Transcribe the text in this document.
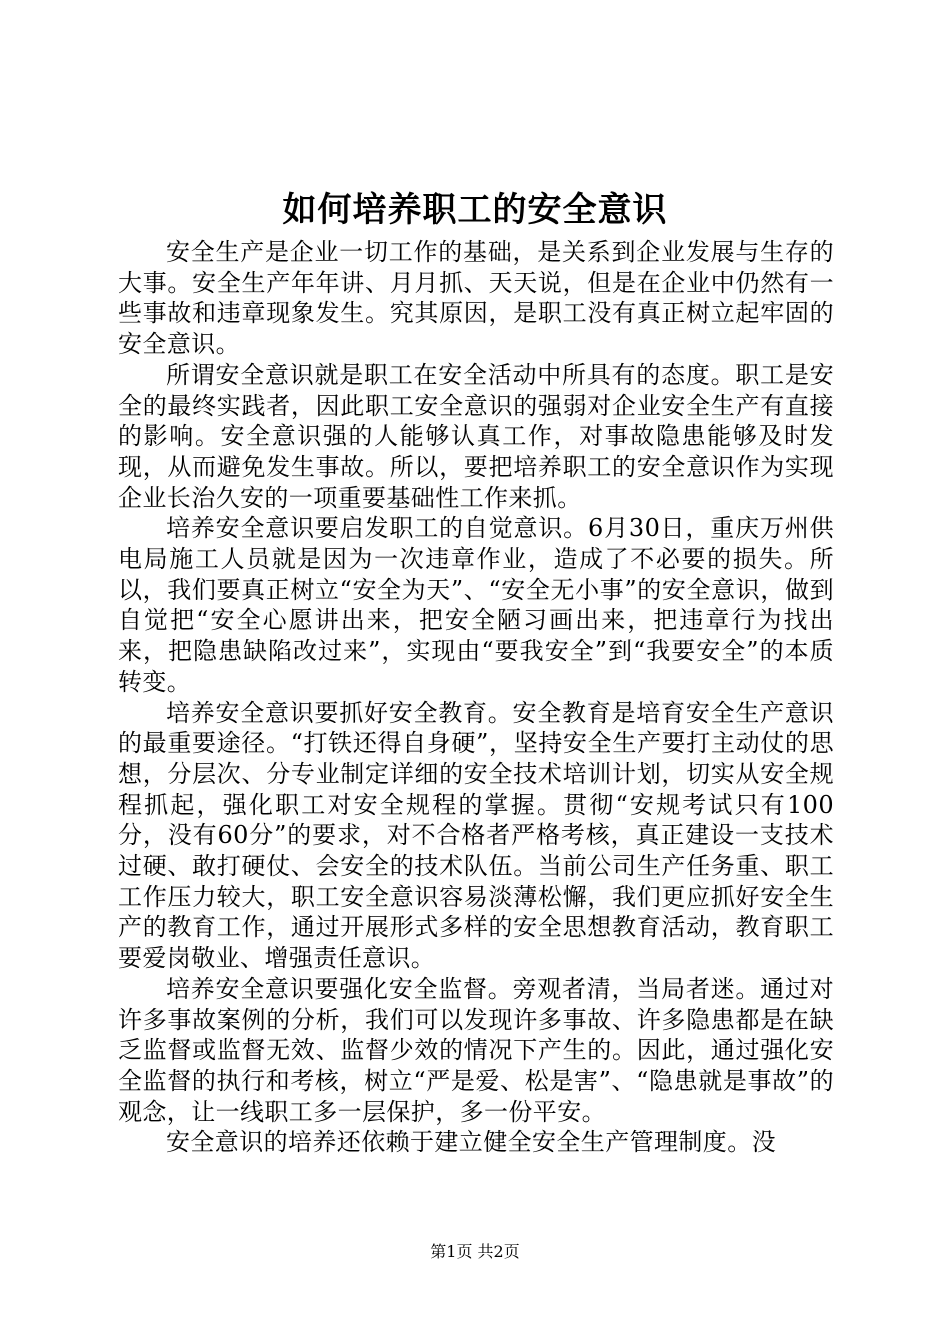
如何培养职工的安全意识

安全生产是企业一切工作的基础，是关系到企业发展与生存的大事。安全生产年年讲、月月抓、天天说，但是在企业中仍然有一些事故和违章现象发生。究其原因，是职工没有真正树立起牢固的安全意识。

所谓安全意识就是职工在安全活动中所具有的态度。职工是安全的最终实践者，因此职工安全意识的强弱对企业安全生产有直接的影响。安全意识强的人能够认真工作，对事故隐患能够及时发现，从而避免发生事故。所以，要把培养职工的安全意识作为实现企业长治久安的一项重要基础性工作来抓。

培养安全意识要启发职工的自觉意识。6月30日，重庆万州供电局施工人员就是因为一次违章作业，造成了不必要的损失。所以，我们要真正树立“安全为天”、“安全无小事”的安全意识，做到自觉把“安全心愿讲出来，把安全陋习画出来，把违章行为找出来，把隐患缺陷改过来”，实现由“要我安全”到“我要安全”的本质转变。

培养安全意识要抓好安全教育。安全教育是培育安全生产意识的最重要途径。“打铁还得自身硬”，坚持安全生产要打主动仗的思想，分层次、分专业制定详细的安全技术培训计划，切实从安全规程抓起，强化职工对安全规程的掌握。贯彻“安规考试只有100分，没有60分”的要求，对不合格者严格考核，真正建设一支技术过硬、敢打硬仗、会安全的技术队伍。当前公司生产任务重、职工工作压力较大，职工安全意识容易淡薄松懈，我们更应抓好安全生产的教育工作，通过开展形式多样的安全思想教育活动，教育职工要爱岗敬业、增强责任意识。

培养安全意识要强化安全监督。旁观者清，当局者迷。通过对许多事故案例的分析，我们可以发现许多事故、许多隐患都是在缺乏监督或监督无效、监督少效的情况下产生的。因此，通过强化安全监督的执行和考核，树立“严是爱、松是害”、“隐患就是事故”的观念，让一线职工多一层保护，多一份平安。

安全意识的培养还依赖于建立健全安全生产管理制度。没

第1页 共2页
